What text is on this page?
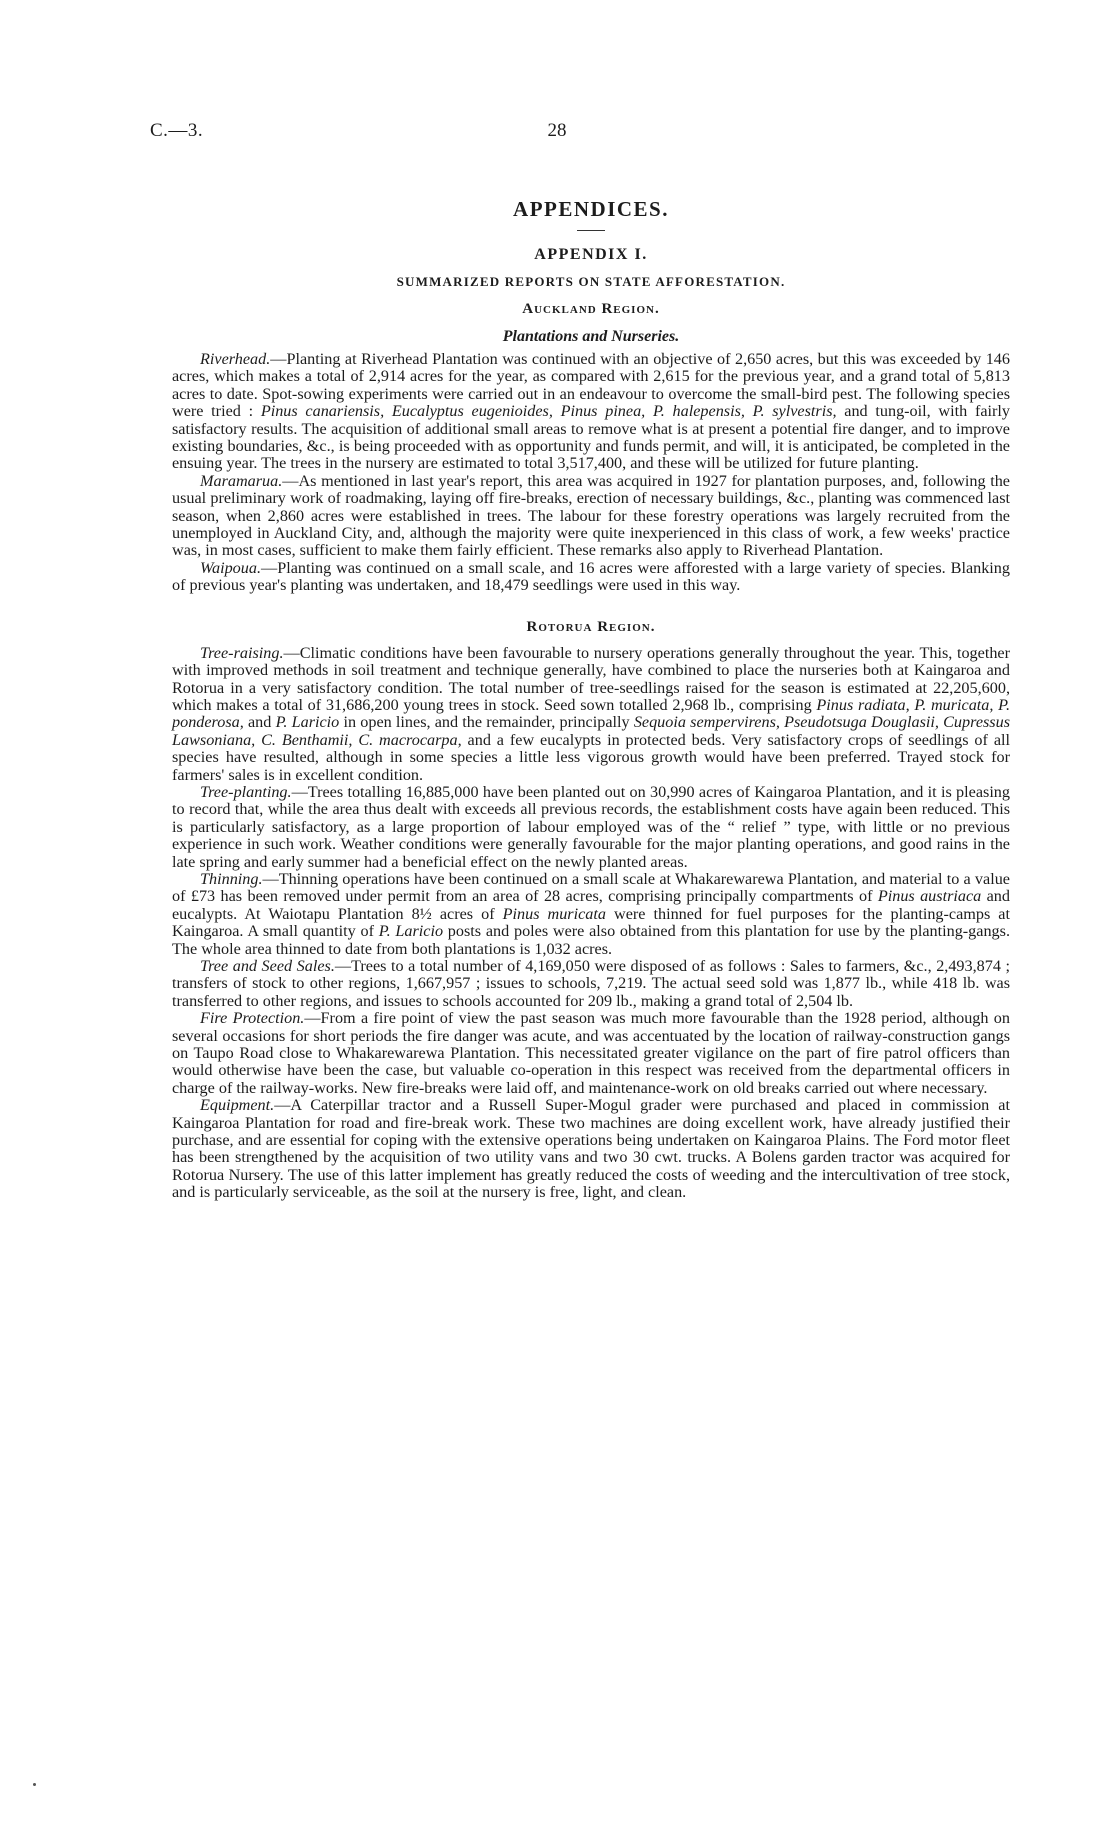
C.—3.	28
APPENDICES.
APPENDIX I.
SUMMARIZED REPORTS ON STATE AFFORESTATION.
Auckland Region.
Plantations and Nurseries.

Riverhead.—Planting at Riverhead Plantation was continued with an objective of 2,650 acres, but this was exceeded by 146 acres, which makes a total of 2,914 acres for the year, as compared with 2,615 for the previous year, and a grand total of 5,813 acres to date. Spot-sowing experiments were carried out in an endeavour to overcome the small-bird pest. The following species were tried : Pinus canariensis, Eucalyptus eugenioides, Pinus pinea, P. halepensis, P. sylvestris, and tung-oil, with fairly satisfactory results. The acquisition of additional small areas to remove what is at present a potential fire danger, and to improve existing boundaries, &c., is being proceeded with as opportunity and funds permit, and will, it is anticipated, be completed in the ensuing year. The trees in the nursery are estimated to total 3,517,400, and these will be utilized for future planting.

Maramarua.—As mentioned in last year's report, this area was acquired in 1927 for plantation purposes, and, following the usual preliminary work of roadmaking, laying off fire-breaks, erection of necessary buildings, &c., planting was commenced last season, when 2,860 acres were established in trees. The labour for these forestry operations was largely recruited from the unemployed in Auckland City, and, although the majority were quite inexperienced in this class of work, a few weeks' practice was, in most cases, sufficient to make them fairly efficient. These remarks also apply to Riverhead Plantation.

Waipoua.—Planting was continued on a small scale, and 16 acres were afforested with a large variety of species. Blanking of previous year's planting was undertaken, and 18,479 seedlings were used in this way.

Rotorua Region.

Tree-raising.—Climatic conditions have been favourable to nursery operations generally throughout the year. This, together with improved methods in soil treatment and technique generally, have combined to place the nurseries both at Kaingaroa and Rotorua in a very satisfactory condition. The total number of tree-seedlings raised for the season is estimated at 22,205,600, which makes a total of 31,686,200 young trees in stock. Seed sown totalled 2,968 lb., comprising Pinus radiata, P. muricata, P. ponderosa, and P. Laricio in open lines, and the remainder, principally Sequoia sempervirens, Pseudotsuga Douglasii, Cupressus Lawsoniana, C. Benthamii, C. macrocarpa, and a few eucalypts in protected beds. Very satisfactory crops of seedlings of all species have resulted, although in some species a little less vigorous growth would have been preferred. Trayed stock for farmers' sales is in excellent condition.

Tree-planting.—Trees totalling 16,885,000 have been planted out on 30,990 acres of Kaingaroa Plantation, and it is pleasing to record that, while the area thus dealt with exceeds all previous records, the establishment costs have again been reduced. This is particularly satisfactory, as a large proportion of labour employed was of the “ relief ” type, with little or no previous experience in such work. Weather conditions were generally favourable for the major planting operations, and good rains in the late spring and early summer had a beneficial effect on the newly planted areas.

Thinning.—Thinning operations have been continued on a small scale at Whakarewarewa Plantation, and material to a value of £73 has been removed under permit from an area of 28 acres, comprising principally compartments of Pinus austriaca and eucalypts. At Waiotapu Plantation 8½ acres of Pinus muricata were thinned for fuel purposes for the planting-camps at Kaingaroa. A small quantity of P. Laricio posts and poles were also obtained from this plantation for use by the planting-gangs. The whole area thinned to date from both plantations is 1,032 acres.

Tree and Seed Sales.—Trees to a total number of 4,169,050 were disposed of as follows : Sales to farmers, &c., 2,493,874 ; transfers of stock to other regions, 1,667,957 ; issues to schools, 7,219. The actual seed sold was 1,877 lb., while 418 lb. was transferred to other regions, and issues to schools accounted for 209 lb., making a grand total of 2,504 lb.

Fire Protection.—From a fire point of view the past season was much more favourable than the 1928 period, although on several occasions for short periods the fire danger was acute, and was accentuated by the location of railway-construction gangs on Taupo Road close to Whakarewarewa Plantation. This necessitated greater vigilance on the part of fire patrol officers than would otherwise have been the case, but valuable co-operation in this respect was received from the departmental officers in charge of the railway-works. New fire-breaks were laid off, and maintenance-work on old breaks carried out where necessary.

Equipment.—A Caterpillar tractor and a Russell Super-Mogul grader were purchased and placed in commission at Kaingaroa Plantation for road and fire-break work. These two machines are doing excellent work, have already justified their purchase, and are essential for coping with the extensive operations being undertaken on Kaingaroa Plains. The Ford motor fleet has been strengthened by the acquisition of two utility vans and two 30 cwt. trucks. A Bolens garden tractor was acquired for Rotorua Nursery. The use of this latter implement has greatly reduced the costs of weeding and the intercultivation of tree stock, and is particularly serviceable, as the soil at the nursery is free, light, and clean.
